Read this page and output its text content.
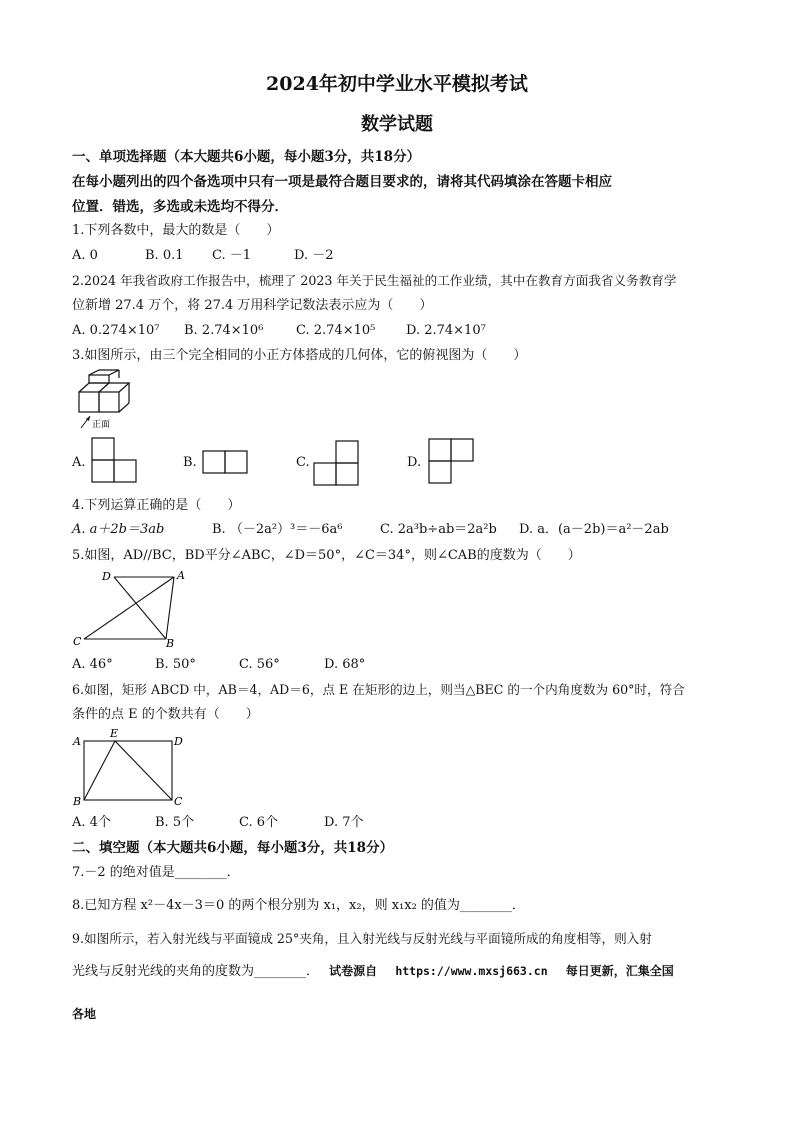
2024年初中学业水平模拟考试
数学试题
一、单项选择题（本大题共6小题，每小题3分，共18分）
在每小题列出的四个备选项中只有一项是最符合题目要求的，请将其代码填涂在答题卡相应
位置．错选，多选或未选均不得分．
1.下列各数中，最大的数是（　　）
A. 0	B. 0.1 C. －1	D. －2
2.2024 年我省政府工作报告中，梳理了 2023 年关于民生福祉的工作业绩，其中在教育方面我省义务教育学
位新增 27.4 万个，将 27.4 万用科学记数法表示应为（　　）
A. 0.274×10⁷ B. 2.74×10⁶	C. 2.74×10⁵ D. 2.74×10⁷
3.如图所示，由三个完全相同的小正方体搭成的几何体，它的俯视图为（　　）
正面
A.	B.	C.	D.
4.下列运算正确的是（　　）
A. a＋2b＝3ab	B. （－2a²）³＝－6a⁶	C. 2a³b÷ab＝2a²b D. a．(a－2b)＝a²－2ab
5.如图，AD//BC，BD平分∠ABC，∠D＝50°，∠C＝34°，则∠CAB的度数为（　　）
D	A
C	B
A. 46°	B. 50°	C. 56°	D. 68°
6.如图，矩形 ABCD 中，AB＝4，AD＝6，点 E 在矩形的边上，则当△BEC 的一个内角度数为 60°时，符合
条件的点 E 的个数共有（　　）
A
E
D
B	C
A. 4个	B. 5个	C. 6个	D. 7个
二、填空题（本大题共6小题，每小题3分，共18分）
7.－2 的绝对值是________．
8.已知方程 x²－4x－3＝0 的两个根分别为 x₁，x₂，则 x₁x₂ 的值为________．
9.如图所示，若入射光线与平面镜成 25°夹角，且入射光线与反射光线与平面镜所成的角度相等，则入射
光线与反射光线的夹角的度数为________． 试卷源自 https://www.mxsj663.cn 每日更新，汇集全国
各地
